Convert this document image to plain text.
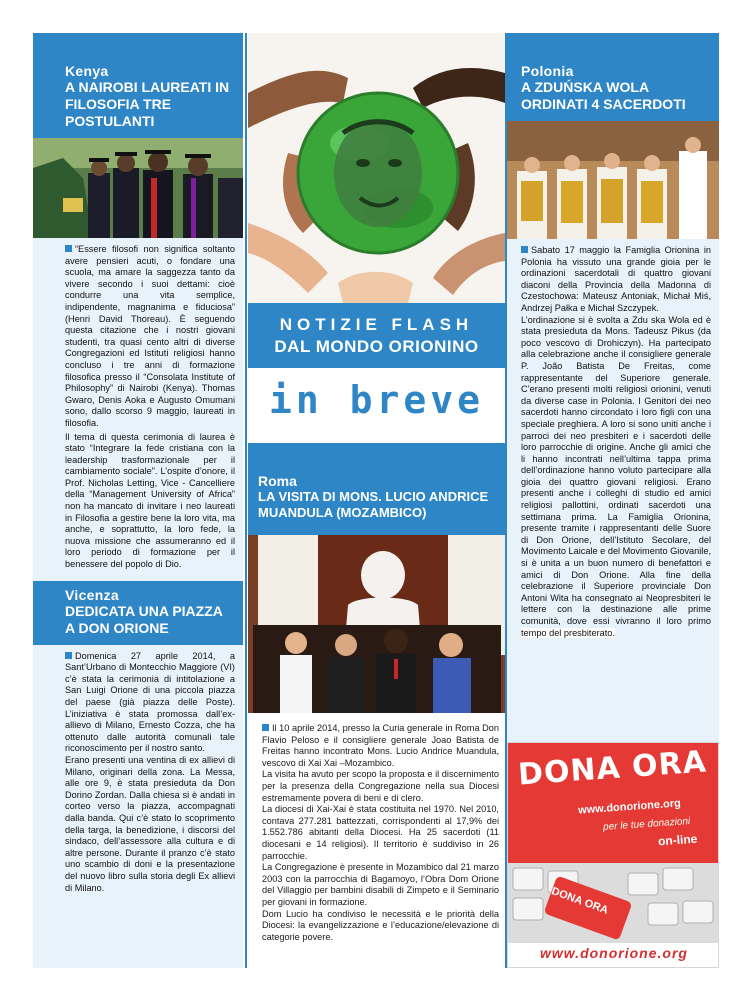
Kenya
A NAIROBI LAUREATI IN FILOSOFIA TRE POSTULANTI

“Essere filosofi non significa soltanto avere pensieri acuti, o fondare una scuola, ma amare la saggezza tanto da vivere secondo i suoi dettami: cioè condurre una vita semplice, indipendente, magnanima e fiduciosa” (Henri David Thoreau). È seguendo questa citazione che i nostri giovani studenti, tra quasi cento altri di diverse Congregazioni ed Istituti religiosi hanno concluso i tre anni di formazione filosofica presso il “Consolata Institute of Philosophy” di Nairobi (Kenya). Thomas Gwaro, Denis Aoka e Augusto Omumani sono, dallo scorso 9 maggio, laureati in filosofia.

Il tema di questa cerimonia di laurea è stato “Integrare la fede cristiana con la leadership trasformazionale per il cambiamento sociale”. L’ospite d’onore, il Prof. Nicholas Letting, Vice - Cancelliere della “Management University of Africa” non ha mancato di invitare i neo laureati in Filosofia a gestire bene la loro vita, ma anche, e soprattutto, la loro fede, la nuova missione che assumeranno ed il loro periodo di formazione per il benessere del popolo di Dio.

Vicenza
DEDICATA UNA PIAZZA A DON ORIONE

Domenica 27 aprile 2014, a Sant’Urbano di Montecchio Maggiore (VI) c’è stata la cerimonia di intitolazione a San Luigi Orione di una piccola piazza del paese (già piazza delle Poste). L’iniziativa è stata promossa dall’ex-allievo di Milano, Ernesto Cozza, che ha ottenuto dalle autorità comunali tale riconoscimento per il nostro santo.

Erano presenti una ventina di ex allievi di Milano, originari della zona. La Messa, alle ore 9, è stata presieduta da Don Dorino Zordan. Dalla chiesa si è andati in corteo verso la piazza, accompagnati dalla banda. Qui c’è stato lo scoprimento della targa, la benedizione, i discorsi del sindaco, dell’assessore alla cultura e di altre persone. Durante il pranzo c’è stato uno scambio di doni e la presentazione del nuovo libro sulla storia degli Ex allievi di Milano.

NOTIZIE FLASH
DAL MONDO ORIONINO
in breve
Roma
LA VISITA DI MONS. LUCIO ANDRICE MUANDULA (MOZAMBICO)

Il 10 aprile 2014, presso la Curia generale in Roma Don Flavio Peloso e il consigliere generale Joao Batista de Freitas hanno incontrato Mons. Lucio Andrice Muandula, vescovo di Xai Xai –Mozambico.

La visita ha avuto per scopo la proposta e il discernimento per la presenza della Congregazione nella sua Diocesi estremamente povera di beni e di clero.

La diocesi di Xai-Xai è stata costituita nel 1970. Nel 2010, contava 277.281 battezzati, corrispondenti al 17,9% dei 1.552.786 abitanti della Diocesi. Ha 25 sacerdoti (11 diocesani e 14 religiosi). Il territorio è suddiviso in 26 parrocchie.

La Congregazione è presente in Mozambico dal 21 marzo 2003 con la parrocchia di Bagamoyo, l’Obra Dom Orione del Villaggio per bambini disabili di Zimpeto e il Seminario per giovani in formazione.

Dom Lucio ha condiviso le necessità e le priorità della Diocesi: la evangelizzazione e l’educazione/elevazione di categorie povere.

Polonia
A ZDUŃSKA WOLA ORDINATI 4 SACERDOTI

Sabato 17 maggio la Famiglia Orionina in Polonia ha vissuto una grande gioia per le ordinazioni sacerdotali di quattro giovani diaconi della Provincia della Madonna di Czestochowa: Mateusz Antoniak, Michał Miś, Andrzej Pałka e Michał Szczypek.

L’ordinazione si è svolta a Zdu ska Wola ed è stata presieduta da Mons. Tadeusz Pikus (da poco vescovo di Drohiczyn). Ha partecipato alla celebrazione anche il consigliere generale P. João Batista De Freitas, come rappresentante del Superiore generale. C’erano presenti molti religiosi orionini, venuti da diverse case in Polonia. I Genitori dei neo sacerdoti hanno circondato i loro figli con una speciale preghiera. A loro si sono uniti anche i parroci dei neo presbiteri e i sacerdoti delle loro parrocchie di origine. Anche gli amici che li hanno incontrati nell’ultima tappa prima dell’ordinazione hanno voluto partecipare alla gioia dei quattro giovani religiosi. Erano presenti anche i colleghi di studio ed amici religiosi pallottini, ordinati sacerdoti una settimana prima. La Famiglia Orionina, presente tramite i rappresentanti delle Suore di Don Orione, dell’Istituto Secolare, del Movimento Laicale e del Movimento Giovanile, si è unita a un buon numero di benefattori e amici di Don Orione. Alla fine della celebrazione il Superiore provinciale Don Antoni Wita ha consegnato ai Neopresbiteri le lettere con la destinazione alle prime comunità, dove essi vivranno il loro primo tempo del presbiterato.

DONA ORA
www.donorione.org
per le tue donazioni
on-line
DONA ORA
www.donorione.org
